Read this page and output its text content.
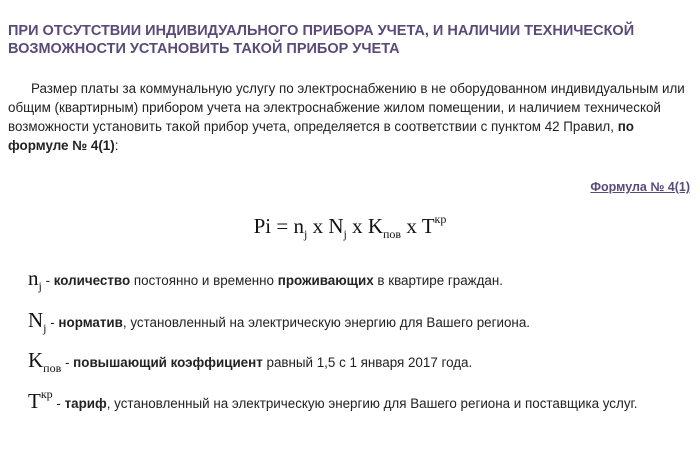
ПРИ ОТСУТСТВИИ ИНДИВИДУАЛЬНОГО ПРИБОРА УЧЕТА, И НАЛИЧИИ ТЕХНИЧЕСКОЙ
ВОЗМОЖНОСТИ УСТАНОВИТЬ ТАКОЙ ПРИБОР УЧЕТА

Размер платы за коммунальную услугу по электроснабжению в не оборудованном индивидуальным или общим (квартирным) прибором учета на электроснабжение жилом помещении, и наличием технической возможности установить такой прибор учета, определяется в соответствии с пунктом 42 Правил, по формуле № 4(1):

Формула № 4(1)
$Pi = n_j$ x $N_j$ x $K_{пов}$ x $T^{кр}$
$n_j$ - количество постоянно и временно проживающих в квартире граждан.
$N_j$ - норматив, установленный на электрическую энергию для Вашего региона.
$K_{пов}$ - повышающий коэффициент равный 1,5 с 1 января 2017 года.
$T^{кр}$ - тариф, установленный на электрическую энергию для Вашего региона и поставщика услуг.
